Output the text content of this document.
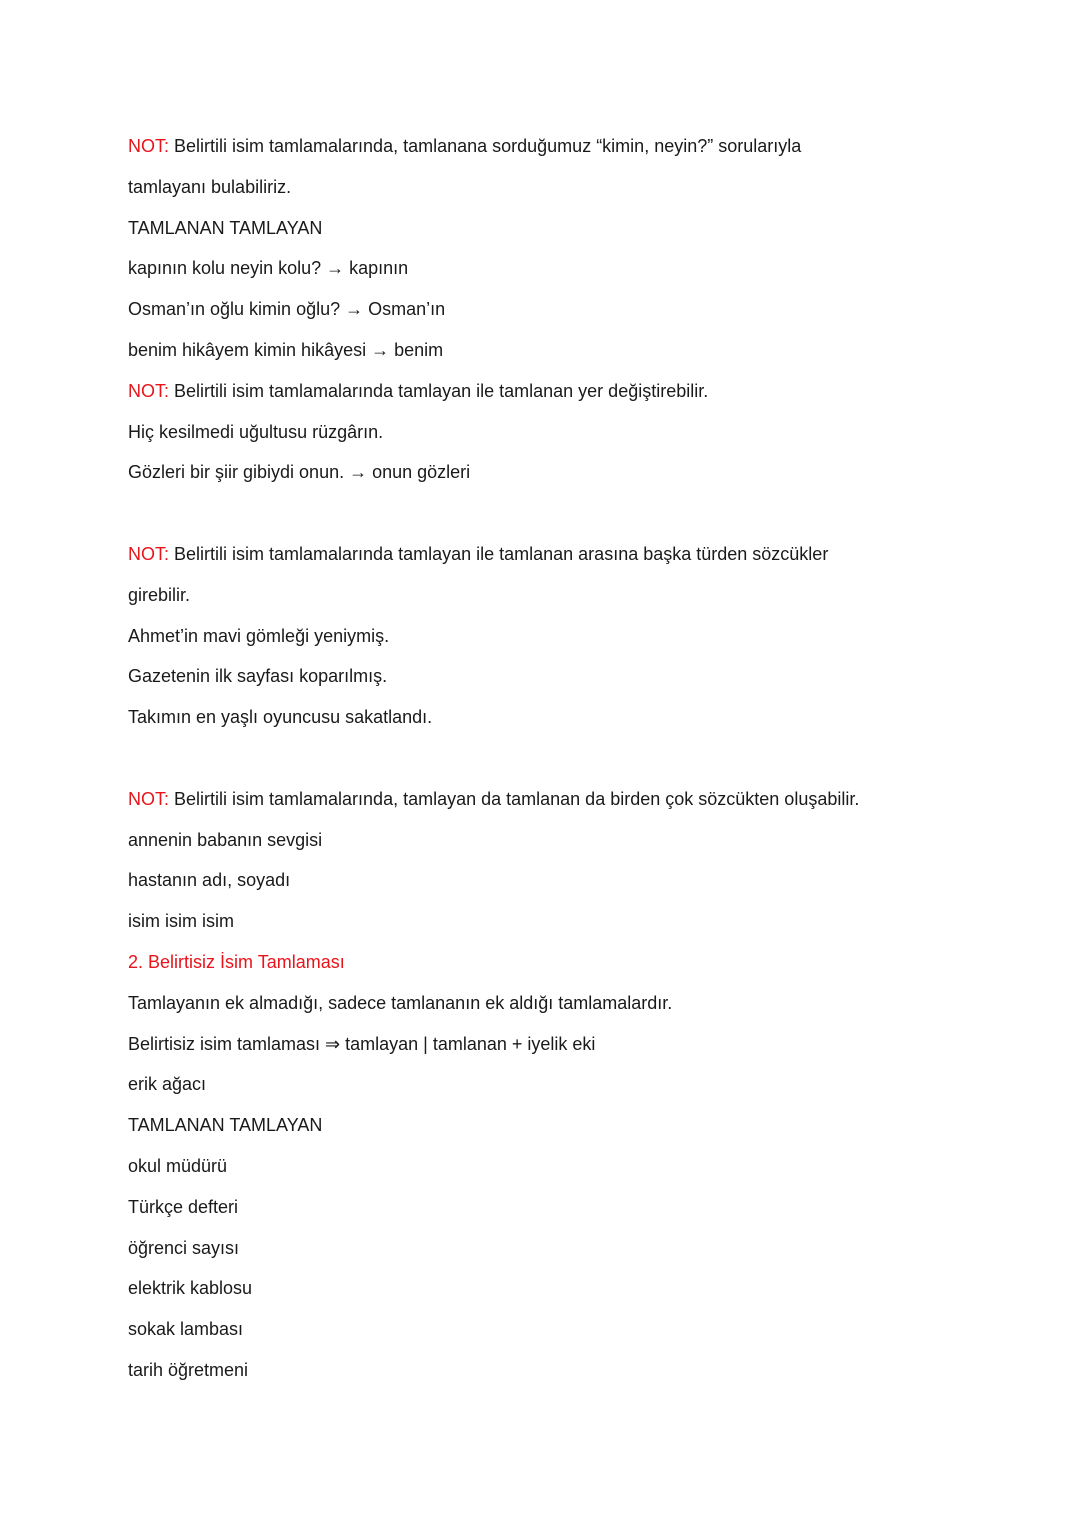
NOT: Belirtili isim tamlamalarında, tamlanana sorduğumuz “kimin, neyin?” sorularıyla
tamlayanı bulabiliriz.
TAMLANAN TAMLAYAN
kapının kolu neyin kolu? → kapının
Osman’ın oğlu kimin oğlu? → Osman’ın
benim hikâyem kimin hikâyesi → benim
NOT: Belirtili isim tamlamalarında tamlayan ile tamlanan yer değiştirebilir.
Hiç kesilmedi uğultusu rüzgârın.
Gözleri bir şiir gibiydi onun. → onun gözleri
NOT: Belirtili isim tamlamalarında tamlayan ile tamlanan arasına başka türden sözcükler
girebilir.
Ahmet’in mavi gömleği yeniymiş.
Gazetenin ilk sayfası koparılmış.
Takımın en yaşlı oyuncusu sakatlandı.
NOT: Belirtili isim tamlamalarında, tamlayan da tamlanan da birden çok sözcükten oluşabilir.
annenin babanın sevgisi
hastanın adı, soyadı
isim isim isim
2. Belirtisiz İsim Tamlaması
Tamlayanın ek almadığı, sadece tamlananın ek aldığı tamlamalardır.
Belirtisiz isim tamlaması ⇒ tamlayan | tamlanan + iyelik eki
erik ağacı
TAMLANAN TAMLAYAN
okul müdürü
Türkçe defteri
öğrenci sayısı
elektrik kablosu
sokak lambası
tarih öğretmeni
